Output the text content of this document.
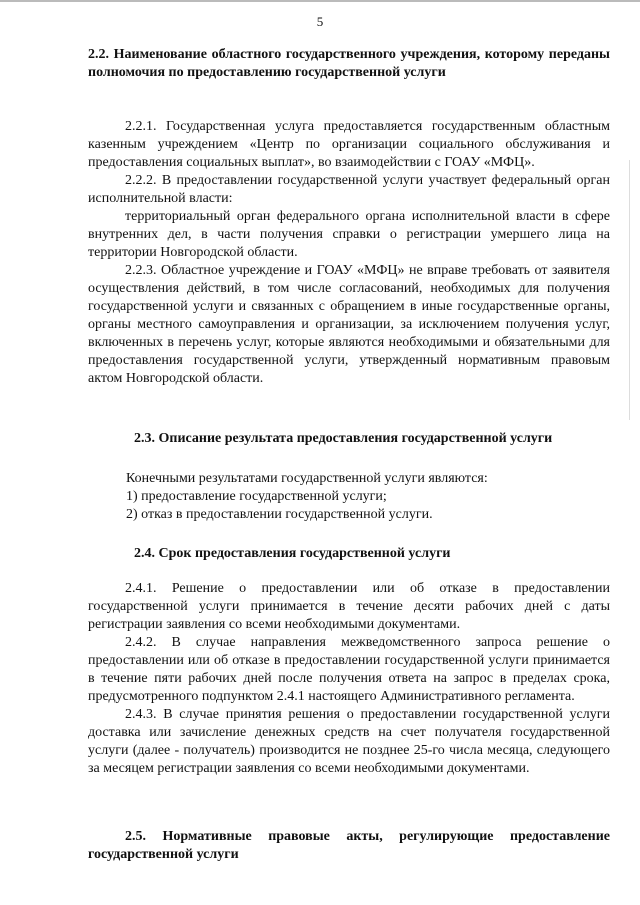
5
2.2. Наименование областного государственного учреждения, которому переданы полномочия по предоставлению государственной услуги

2.2.1. Государственная услуга предоставляется государственным областным казенным учреждением «Центр по организации социального обслуживания и предоставления социальных выплат», во взаимодействии с ГОАУ «МФЦ».

2.2.2. В предоставлении государственной услуги участвует федеральный орган исполнительной власти:

территориальный орган федерального органа исполнительной власти в сфере внутренних дел, в части получения справки о регистрации умершего лица на территории Новгородской области.

2.2.3. Областное учреждение и ГОАУ «МФЦ» не вправе требовать от заявителя осуществления действий, в том числе согласований, необходимых для получения государственной услуги и связанных с обращением в иные государственные органы, органы местного самоуправления и организации, за исключением получения услуг, включенных в перечень услуг, которые являются необходимыми и обязательными для предоставления государственной услуги, утвержденный нормативным правовым актом Новгородской области.

2.3. Описание результата предоставления государственной услуги

Конечными результатами государственной услуги являются:

1) предоставление государственной услуги;

2) отказ в предоставлении государственной услуги.

2.4. Срок предоставления государственной услуги

2.4.1. Решение о предоставлении или об отказе в предоставлении государственной услуги принимается в течение десяти рабочих дней с даты регистрации заявления со всеми необходимыми документами.

2.4.2. В случае направления межведомственного запроса решение о предоставлении или об отказе в предоставлении государственной услуги принимается в течение пяти рабочих дней после получения ответа на запрос в пределах срока, предусмотренного подпунктом 2.4.1 настоящего Административного регламента.

2.4.3. В случае принятия решения о предоставлении государственной услуги доставка или зачисление денежных средств на счет получателя государственной услуги (далее - получатель) производится не позднее 25-го числа месяца, следующего за месяцем регистрации заявления со всеми необходимыми документами.

2.5. Нормативные правовые акты, регулирующие предоставление государственной услуги
